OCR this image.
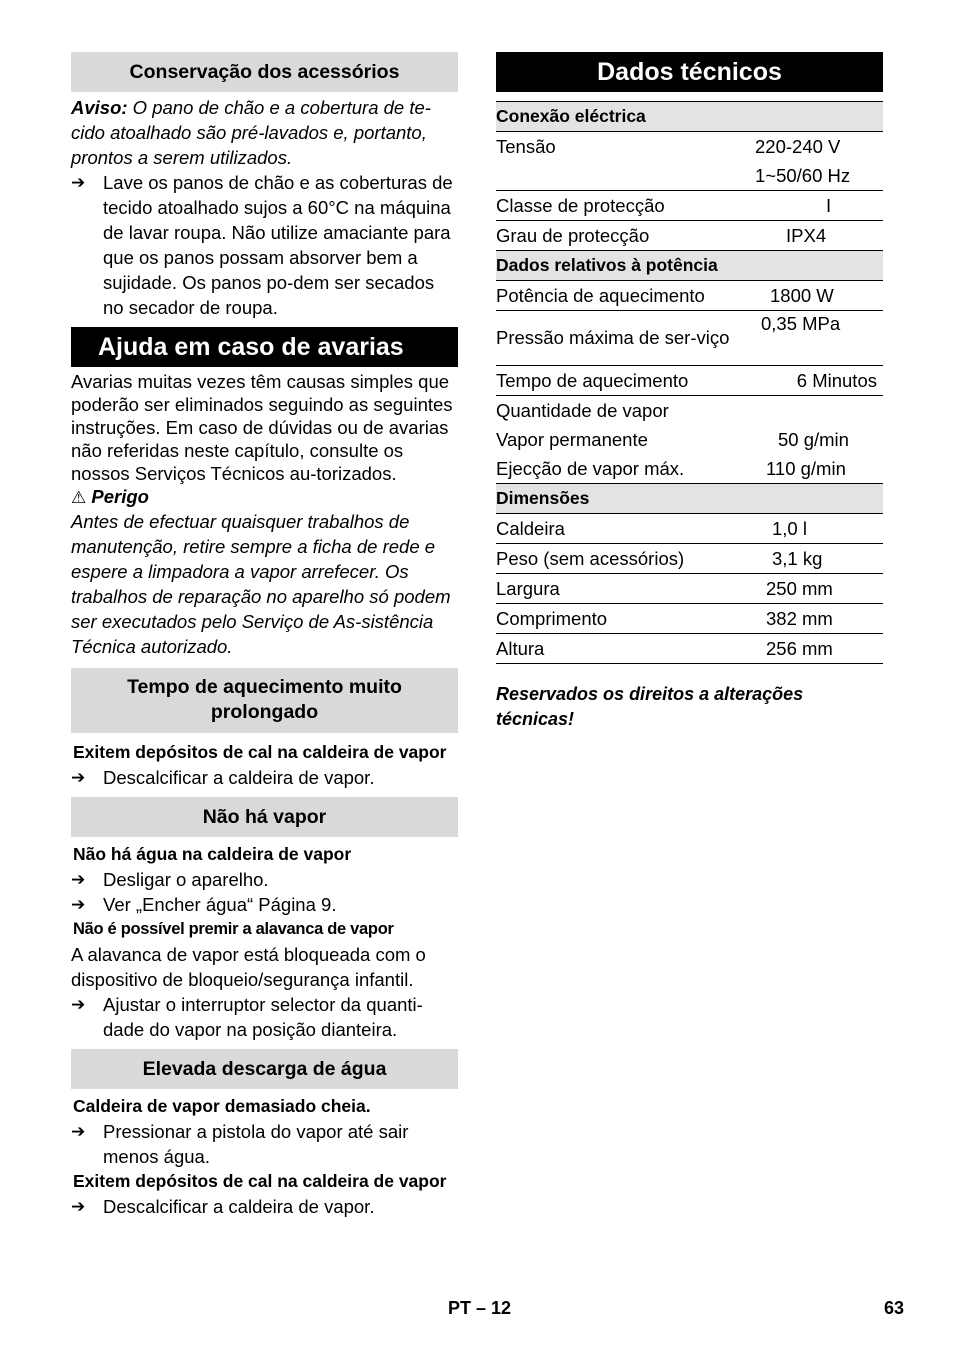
Conservação dos acessórios
Aviso: O pano de chão e a cobertura de te-cido atoalhado são pré-lavados e, portanto, prontos a serem utilizados.
➔ Lave os panos de chão e as coberturas de tecido atoalhado sujos a 60°C na máquina de lavar roupa. Não utilize amaciante para que os panos possam absorver bem a sujidade. Os panos po-dem ser secados no secador de roupa.
Ajuda em caso de avarias
Avarias muitas vezes têm causas simples que poderão ser eliminados seguindo as seguintes instruções. Em caso de dúvidas ou de avarias não referidas neste capítulo, consulte os nossos Serviços Técnicos au-torizados.
⚠ Perigo
Antes de efectuar quaisquer trabalhos de manutenção, retire sempre a ficha de rede e espere a limpadora a vapor arrefecer. Os trabalhos de reparação no aparelho só podem ser executados pelo Serviço de As-sistência Técnica autorizado.
Tempo de aquecimento muito prolongado
Exitem depósitos de cal na caldeira de vapor
➔ Descalcificar a caldeira de vapor.
Não há vapor
Não há água na caldeira de vapor
➔ Desligar o aparelho.
➔ Ver „Encher água“ Página 9.
Não é possível premir a alavanca de vapor
A alavanca de vapor está bloqueada com o dispositivo de bloqueio/segurança infantil.
➔ Ajustar o interruptor selector da quanti-dade do vapor na posição dianteira.
Elevada descarga de água
Caldeira de vapor demasiado cheia.
➔ Pressionar a pistola do vapor até sair menos água.
Exitem depósitos de cal na caldeira de vapor
➔ Descalcificar a caldeira de vapor.
Dados técnicos
Conexão eléctrica	
Tensão	220-240 V
	1~50/60 Hz
Classe de protecção	I
Grau de protecção	IPX4
Dados relativos à potência	
Potência de aquecimento	1800 W
Pressão máxima de ser-viço	0,35 MPa
Tempo de aquecimento	6 Minutos
Quantidade de vapor	
Vapor permanente	50 g/min
Ejecção de vapor máx.	110 g/min
Dimensões	
Caldeira	1,0 l
Peso (sem acessórios)	3,1 kg
Largura	250 mm
Comprimento	382 mm
Altura	256 mm
Reservados os direitos a alterações técnicas!
PT – 12	63
